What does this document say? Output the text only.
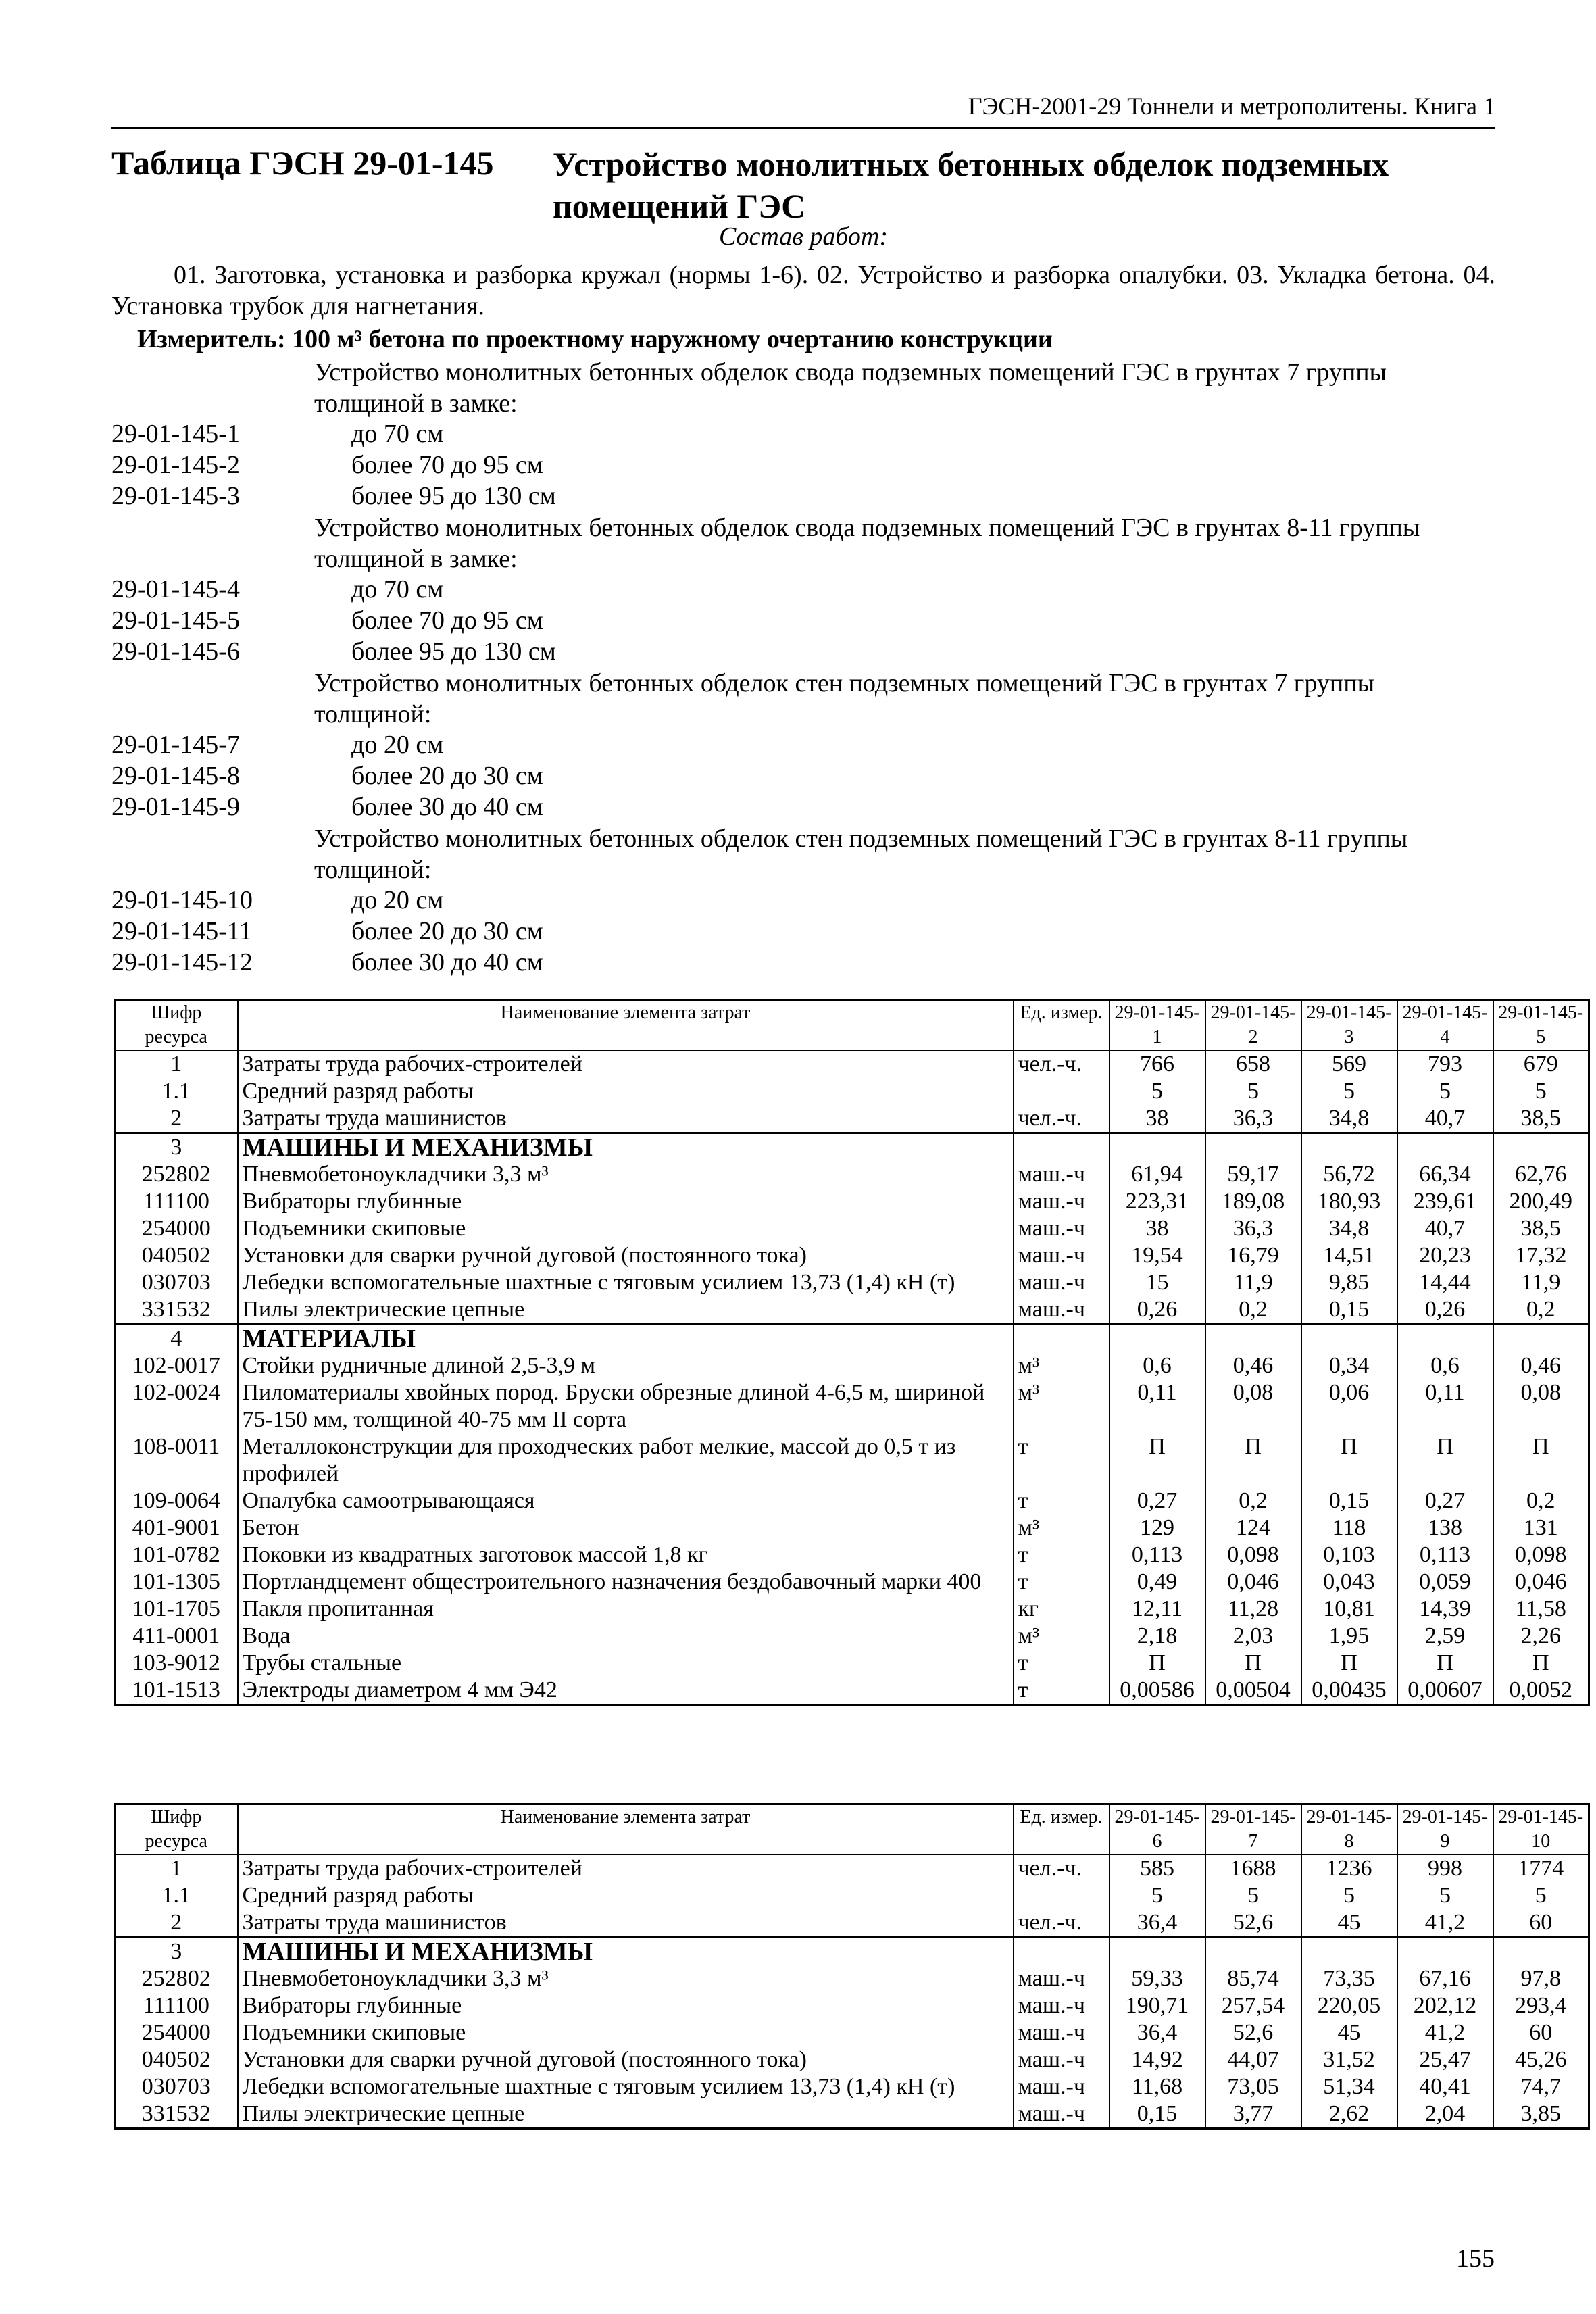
ГЭСН-2001-29 Тоннели и метрополитены. Книга 1
Таблица ГЭСН 29-01-145 Устройство монолитных бетонных обделок подземных помещений ГЭС
Состав работ:
01. Заготовка, установка и разборка кружал (нормы 1-6). 02. Устройство и разборка опалубки. 03. Укладка бетона. 04. Установка трубок для нагнетания.
Измеритель: 100 м³ бетона по проектному наружному очертанию конструкции
Устройство монолитных бетонных обделок свода подземных помещений ГЭС в грунтах 7 группы толщиной в замке:
29-01-145-1	до 70 см
29-01-145-2	более 70 до 95 см
29-01-145-3	более 95 до 130 см
Устройство монолитных бетонных обделок свода подземных помещений ГЭС в грунтах 8-11 группы толщиной в замке:
29-01-145-4	до 70 см
29-01-145-5	более 70 до 95 см
29-01-145-6	более 95 до 130 см
Устройство монолитных бетонных обделок стен подземных помещений ГЭС в грунтах 7 группы толщиной:
29-01-145-7	до 20 см
29-01-145-8	более 20 до 30 см
29-01-145-9	более 30 до 40 см
Устройство монолитных бетонных обделок стен подземных помещений ГЭС в грунтах 8-11 группы толщиной:
29-01-145-10	до 20 см
29-01-145-11	более 20 до 30 см
29-01-145-12	более 30 до 40 см
Шифр ресурса	Наименование элемента затрат	Ед. измер.	29-01-145-1	29-01-145-2	29-01-145-3	29-01-145-4	29-01-145-5
1	Затраты труда рабочих-строителей	чел.-ч.	766	658	569	793	679
1.1	Средний разряд работы		5	5	5	5	5
2	Затраты труда машинистов	чел.-ч.	38	36,3	34,8	40,7	38,5
3	МАШИНЫ И МЕХАНИЗМЫ						
252802	Пневмобетоноукладчики 3,3 м³	маш.-ч	61,94	59,17	56,72	66,34	62,76
111100	Вибраторы глубинные	маш.-ч	223,31	189,08	180,93	239,61	200,49
254000	Подъемники скиповые	маш.-ч	38	36,3	34,8	40,7	38,5
040502	Установки для сварки ручной дуговой (постоянного тока)	маш.-ч	19,54	16,79	14,51	20,23	17,32
030703	Лебедки вспомогательные шахтные с тяговым усилием 13,73 (1,4) кН (т)	маш.-ч	15	11,9	9,85	14,44	11,9
331532	Пилы электрические цепные	маш.-ч	0,26	0,2	0,15	0,26	0,2
4	МАТЕРИАЛЫ						
102-0017	Стойки рудничные длиной 2,5-3,9 м	м³	0,6	0,46	0,34	0,6	0,46
102-0024	Пиломатериалы хвойных пород. Бруски обрезные длиной 4-6,5 м, шириной 75-150 мм, толщиной 40-75 мм II сорта	м³	0,11	0,08	0,06	0,11	0,08
108-0011	Металлоконструкции для проходческих работ мелкие, массой до 0,5 т из профилей	т	П	П	П	П	П
109-0064	Опалубка самоотрывающаяся	т	0,27	0,2	0,15	0,27	0,2
401-9001	Бетон	м³	129	124	118	138	131
101-0782	Поковки из квадратных заготовок массой 1,8 кг	т	0,113	0,098	0,103	0,113	0,098
101-1305	Портландцемент общестроительного назначения бездобавочный марки 400	т	0,49	0,046	0,043	0,059	0,046
101-1705	Пакля пропитанная	кг	12,11	11,28	10,81	14,39	11,58
411-0001	Вода	м³	2,18	2,03	1,95	2,59	2,26
103-9012	Трубы стальные	т	П	П	П	П	П
101-1513	Электроды диаметром 4 мм Э42	т	0,00586	0,00504	0,00435	0,00607	0,0052
Шифр ресурса	Наименование элемента затрат	Ед. измер.	29-01-145-6	29-01-145-7	29-01-145-8	29-01-145-9	29-01-145-10
1	Затраты труда рабочих-строителей	чел.-ч.	585	1688	1236	998	1774
1.1	Средний разряд работы		5	5	5	5	5
2	Затраты труда машинистов	чел.-ч.	36,4	52,6	45	41,2	60
3	МАШИНЫ И МЕХАНИЗМЫ						
252802	Пневмобетоноукладчики 3,3 м³	маш.-ч	59,33	85,74	73,35	67,16	97,8
111100	Вибраторы глубинные	маш.-ч	190,71	257,54	220,05	202,12	293,4
254000	Подъемники скиповые	маш.-ч	36,4	52,6	45	41,2	60
040502	Установки для сварки ручной дуговой (постоянного тока)	маш.-ч	14,92	44,07	31,52	25,47	45,26
030703	Лебедки вспомогательные шахтные с тяговым усилием 13,73 (1,4) кН (т)	маш.-ч	11,68	73,05	51,34	40,41	74,7
331532	Пилы электрические цепные	маш.-ч	0,15	3,77	2,62	2,04	3,85
155
